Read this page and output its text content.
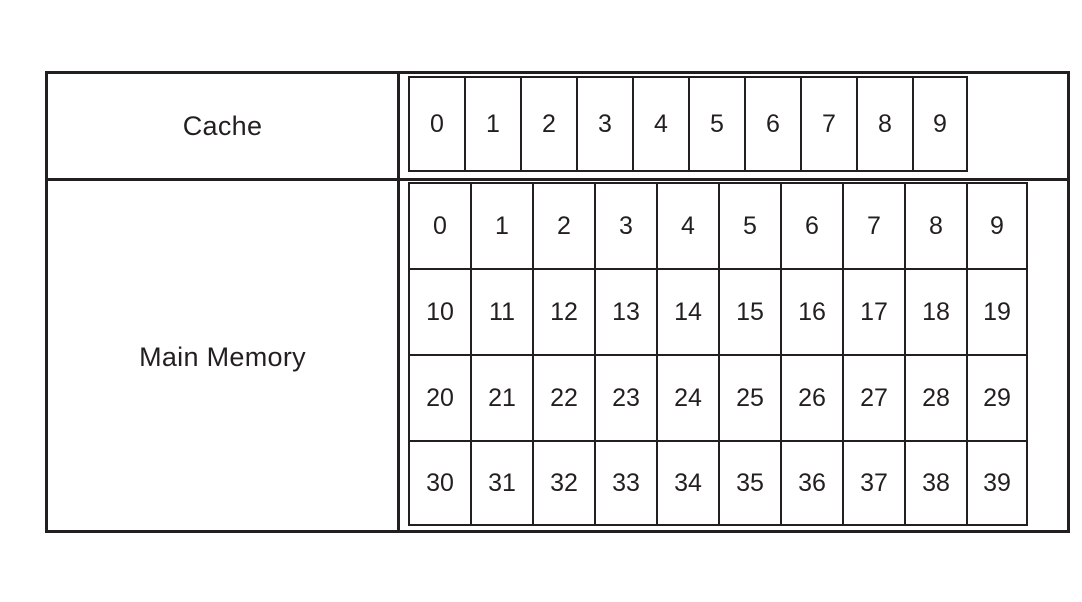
Cache	0	1	2	3	4	5	6	7	8	9
Main Memory
0	1	2	3	4	5	6	7	8	9
10	11	12	13	14	15	16	17	18	19
20	21	22	23	24	25	26	27	28	29
30	31	32	33	34	35	36	37	38	39
